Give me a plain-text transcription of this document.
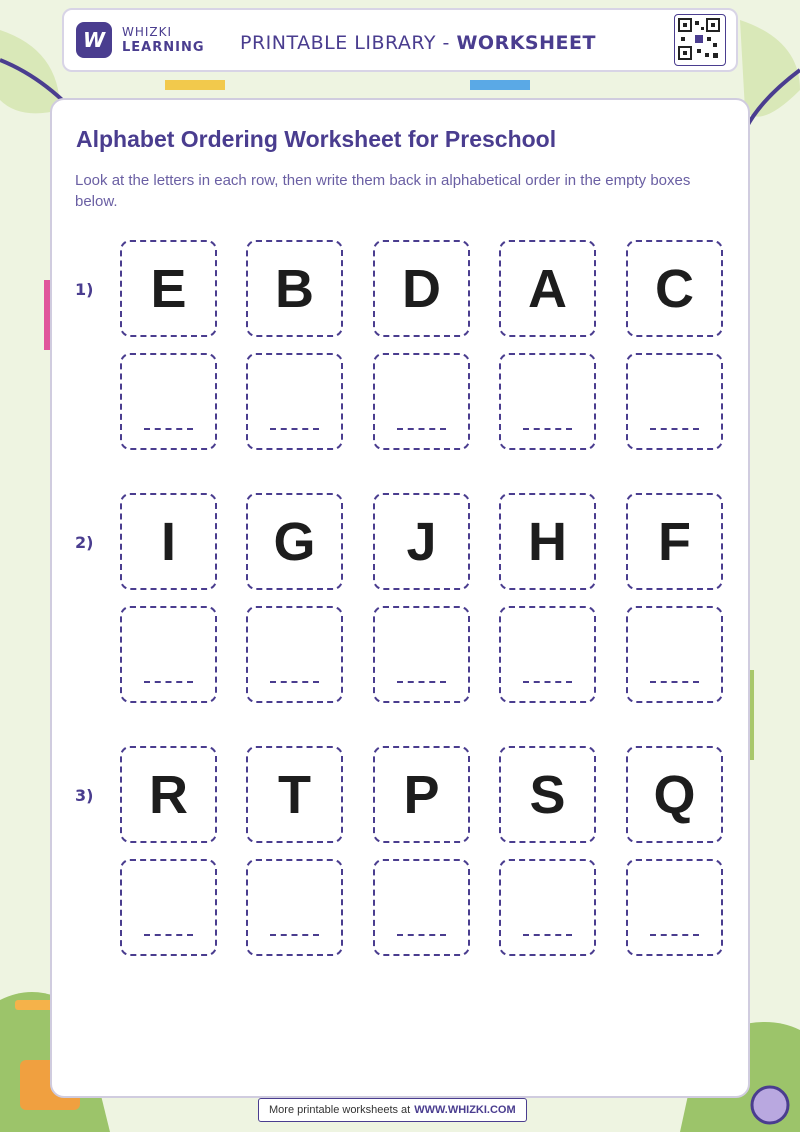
W	WHIZKI
LEARNING PRINTABLE LIBRARY - WORKSHEET
Alphabet Ordering Worksheet for Preschool
Look at the letters in each row, then write them back in alphabetical order in the empty boxes below.
1)	E	B	D	A	C
2)	I	G	J	H	F
3)	R	T	P	S	Q
More printable worksheets at WWW.WHIZKI.COM
